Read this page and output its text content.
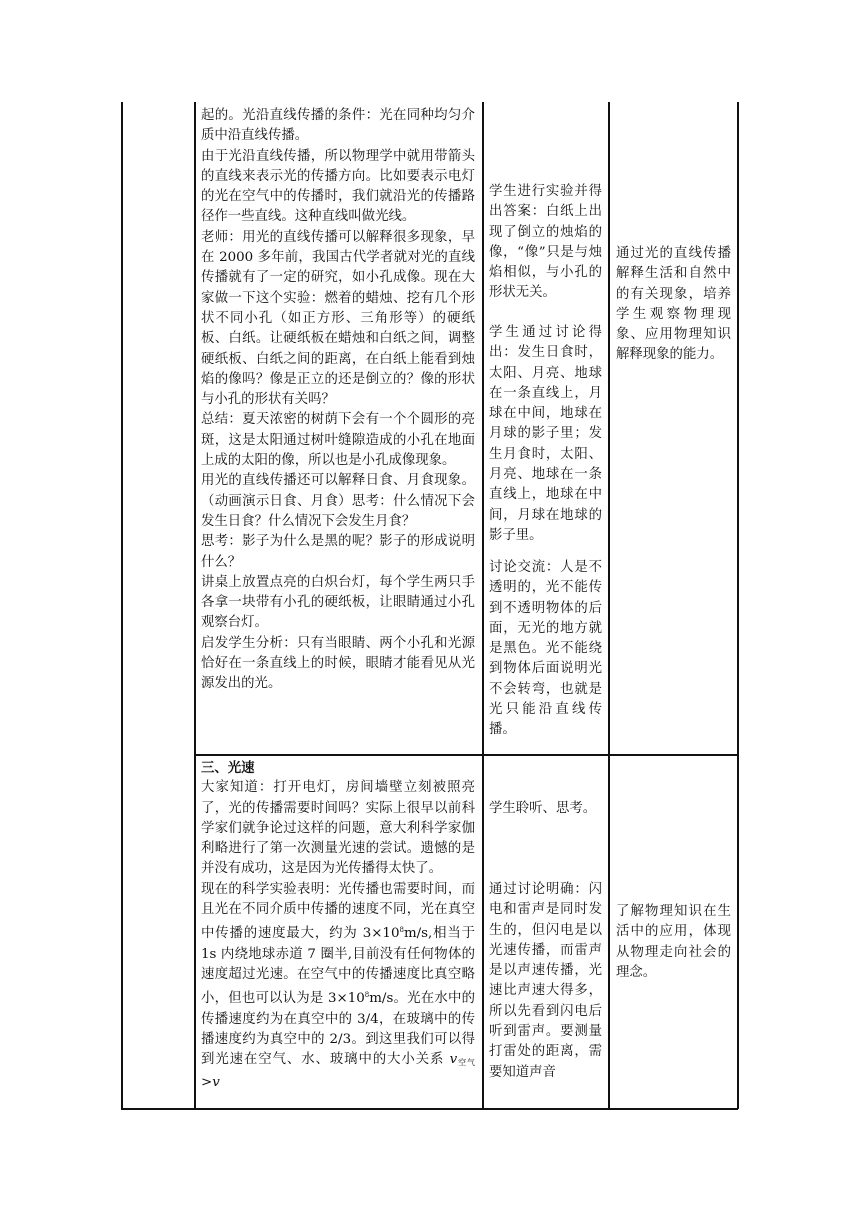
起的。光沿直线传播的条件：光在同种均匀介质中沿直线传播。

由于光沿直线传播，所以物理学中就用带箭头的直线来表示光的传播方向。比如要表示电灯的光在空气中的传播时，我们就沿光的传播路径作一些直线。这种直线叫做光线。

老师：用光的直线传播可以解释很多现象，早在 2000 多年前，我国古代学者就对光的直线传播就有了一定的研究，如小孔成像。现在大家做一下这个实验：燃着的蜡烛、挖有几个形状不同小孔（如正方形、三角形等）的硬纸板、白纸。让硬纸板在蜡烛和白纸之间，调整硬纸板、白纸之间的距离，在白纸上能看到烛焰的像吗？像是正立的还是倒立的？像的形状与小孔的形状有关吗？

总结：夏天浓密的树荫下会有一个个圆形的亮斑，这是太阳通过树叶缝隙造成的小孔在地面上成的太阳的像，所以也是小孔成像现象。

用光的直线传播还可以解释日食、月食现象。（动画演示日食、月食）思考：什么情况下会发生日食？什么情况下会发生月食？

思考：影子为什么是黑的呢？影子的形成说明什么？

讲桌上放置点亮的白炽台灯，每个学生两只手各拿一块带有小孔的硬纸板，让眼睛通过小孔观察台灯。

启发学生分析：只有当眼睛、两个小孔和光源恰好在一条直线上的时候，眼睛才能看见从光源发出的光。

学生进行实验并得出答案：白纸上出现了倒立的烛焰的像，“像”只是与烛焰相似，与小孔的形状无关。

学生通过讨论得出：发生日食时，太阳、月亮、地球在一条直线上，月球在中间，地球在月球的影子里；发生月食时，太阳、月亮、地球在一条直线上，地球在中间，月球在地球的影子里。

讨论交流：人是不透明的，光不能传到不透明物体的后面，无光的地方就是黑色。光不能绕到物体后面说明光不会转弯，也就是光只能沿直线传播。

通过光的直线传播解释生活和自然中的有关现象，培养学生观察物理现象、应用物理知识解释现象的能力。

三、光速

大家知道：打开电灯，房间墙壁立刻被照亮了，光的传播需要时间吗？实际上很早以前科学家们就争论过这样的问题，意大利科学家伽利略进行了第一次测量光速的尝试。遗憾的是并没有成功，这是因为光传播得太快了。

现在的科学实验表明：光传播也需要时间，而且光在不同介质中传播的速度不同，光在真空中传播的速度最大，约为 $3\times 10^8m/s$,相当于 1s 内绕地球赤道 7 圈半,目前没有任何物体的速度超过光速。在空气中的传播速度比真空略小，但也可以认为是 $3\times 10^8m/s$。光在水中的传播速度约为在真空中的 3/4，在玻璃中的传播速度约为真空中的 2/3。到这里我们可以得到光速在空气、水、玻璃中的大小关系 $v_{空气}>v$

学生聆听、思考。

通过讨论明确：闪电和雷声是同时发生的，但闪电是以光速传播，而雷声是以声速传播，光速比声速大得多，所以先看到闪电后听到雷声。要测量打雷处的距离，需要知道声音

了解物理知识在生活中的应用，体现从物理走向社会的理念。
